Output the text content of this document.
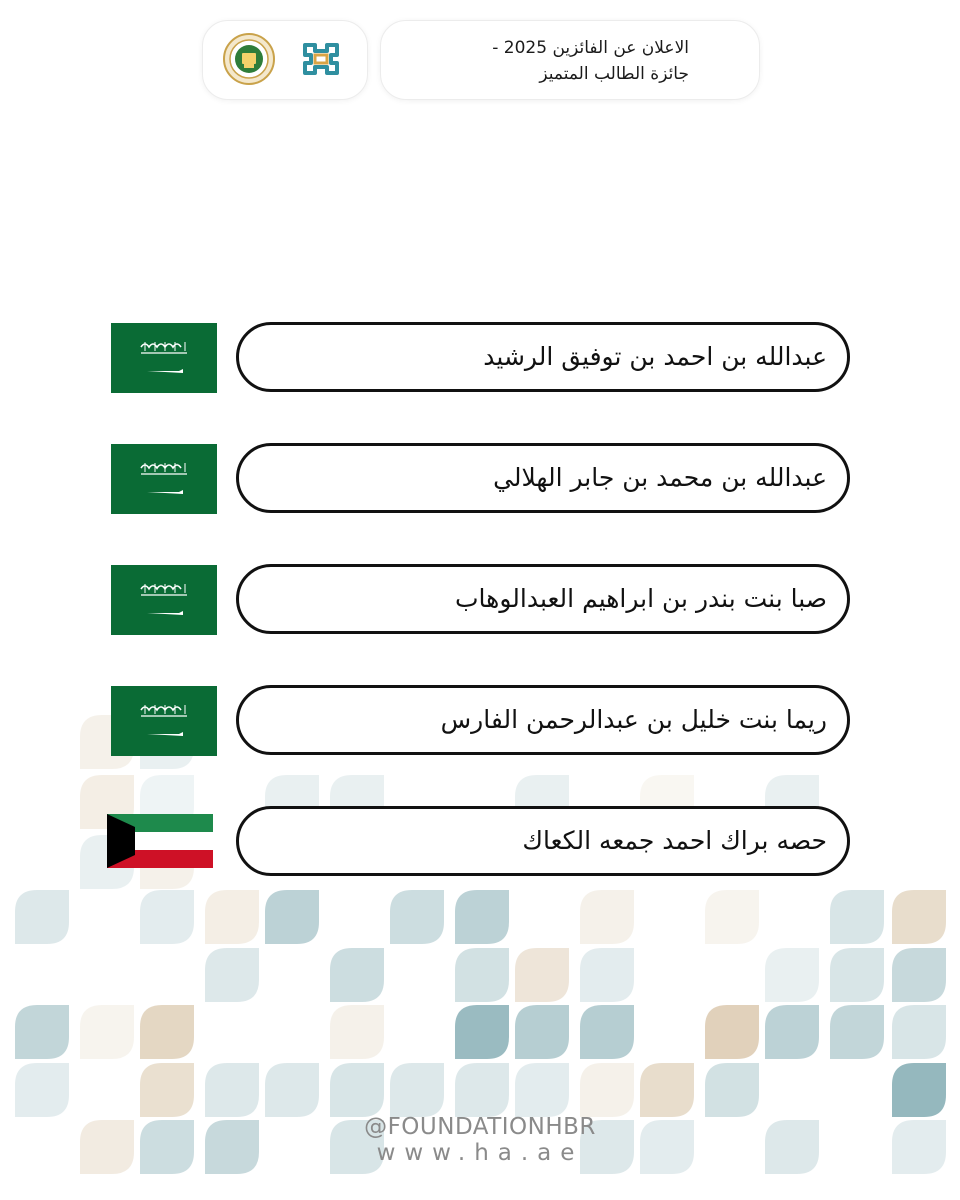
الاعلان عن الفائزين 2025 -
جائزة الطالب المتميز
عبدالله بن احمد بن توفيق الرشيد
عبدالله بن محمد بن جابر الهلالي
صبا بنت بندر بن ابراهيم العبدالوهاب
ريما بنت خليل بن عبدالرحمن الفارس
حصه براك احمد جمعه الكعاك
@FOUNDATIONHBR
www.ha.ae
